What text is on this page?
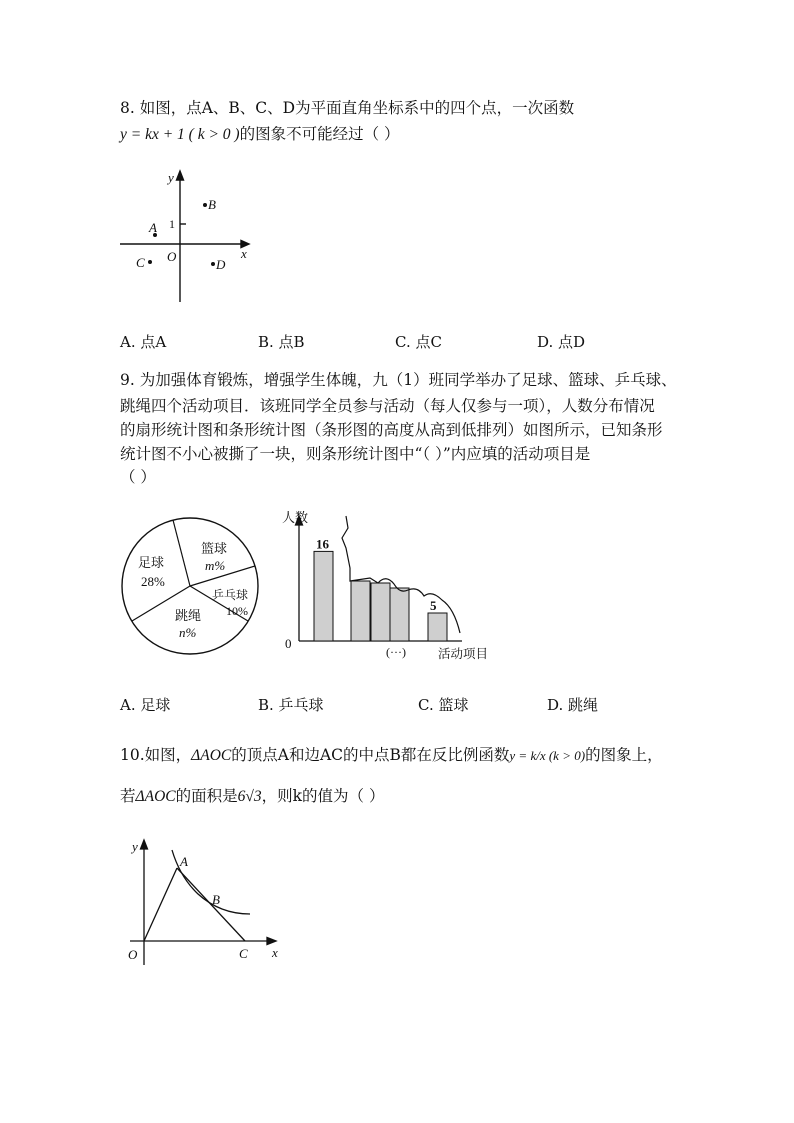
8. 如图，点A、B、C、D为平面直角坐标系中的四个点，一次函数
y = kx + 1 ( k > 0 )的图象不可能经过（ ）
y
x
O
A
B
C	D
1
A. 点A	B. 点B	C. 点C	D. 点D
9. 为加强体育锻炼，增强学生体魄，九（1）班同学举办了足球、篮球、乒乓球、
跳绳四个活动项目．该班同学全员参与活动（每人仅参与一项），人数分布情况
的扇形统计图和条形统计图（条形图的高度从高到低排列）如图所示，已知条形
统计图不小心被撕了一块，则条形统计图中“（ ）”内应填的活动项目是
（ ）
足球
28%
篮球
m%
乒乓球
10%
跳绳
n%
人数
16
5
0
(···)	活动项目
A. 足球	B. 乒乓球	C. 篮球	D. 跳绳
10.如图，ΔAOC的顶点A和边AC的中点B都在反比例函数y = k/x (k > 0)的图象上，
若ΔAOC的面积是6√3，则k的值为（ ）
y
x
O
A
B
C
